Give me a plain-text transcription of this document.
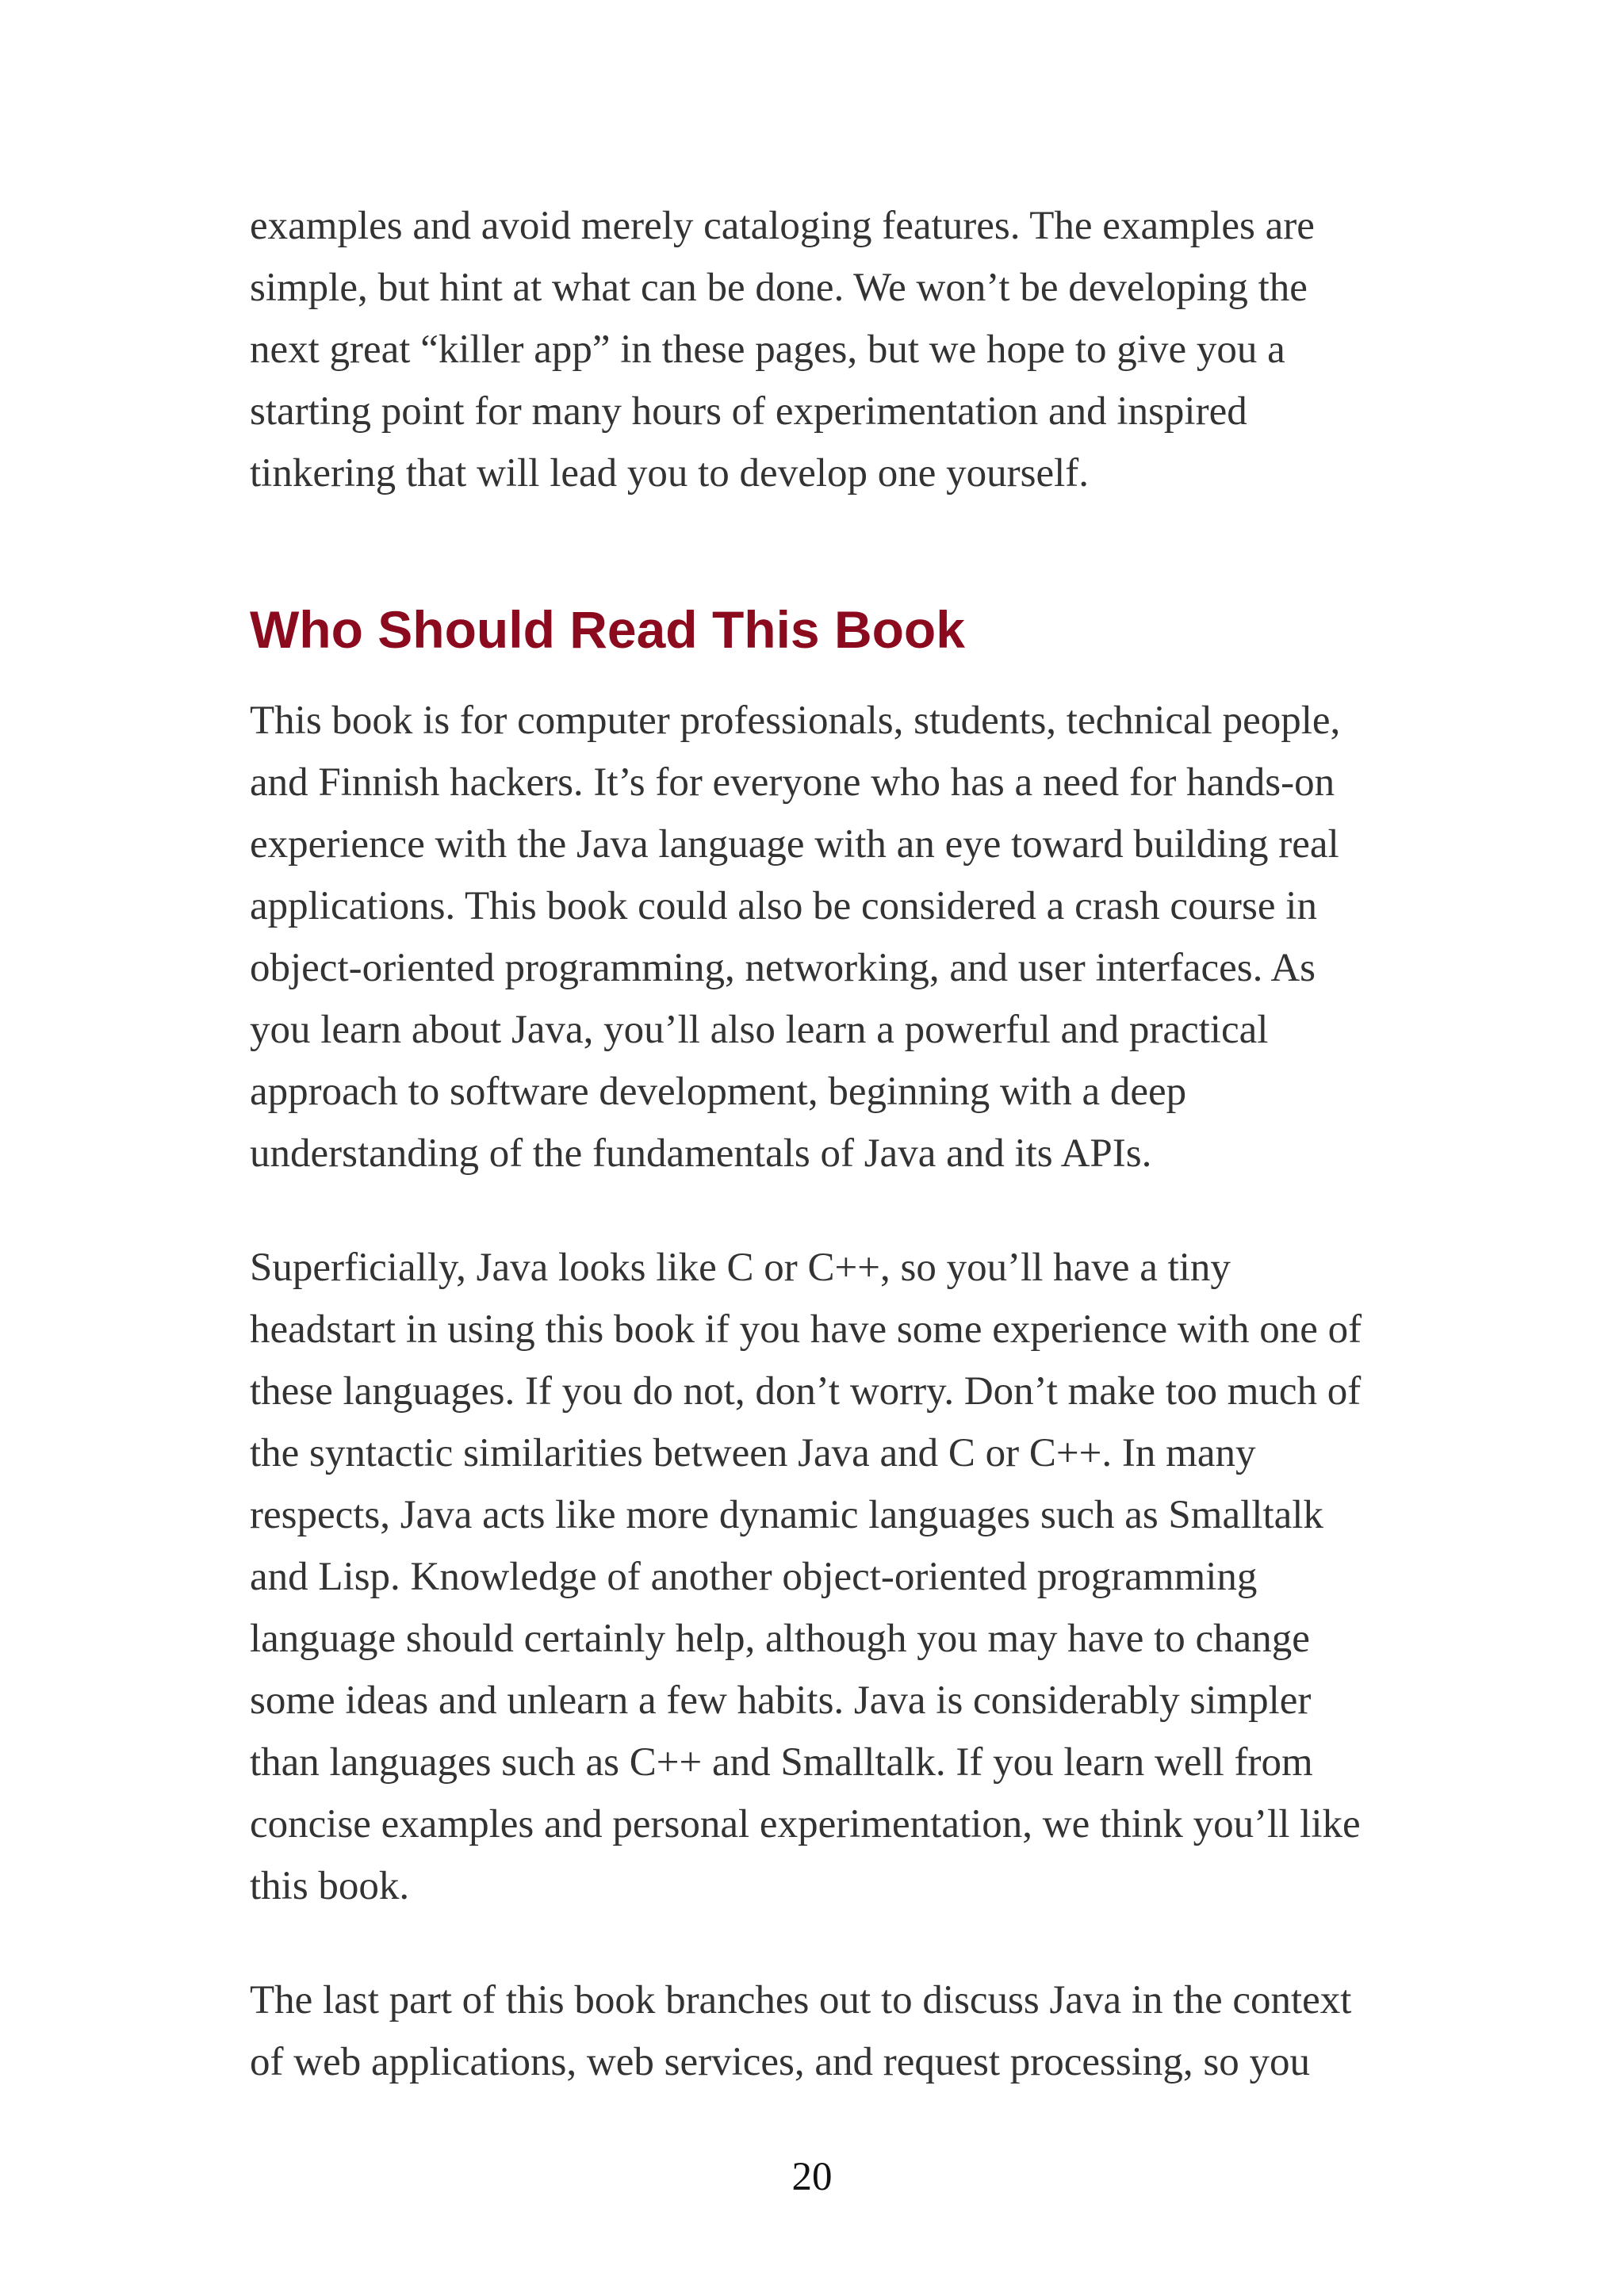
examples and avoid merely cataloging features. The examples are
simple, but hint at what can be done. We won’t be developing the
next great “killer app” in these pages, but we hope to give you a
starting point for many hours of experimentation and inspired
tinkering that will lead you to develop one yourself.

Who Should Read This Book

This book is for computer professionals, students, technical people,
and Finnish hackers. It’s for everyone who has a need for hands-on
experience with the Java language with an eye toward building real
applications. This book could also be considered a crash course in
object-oriented programming, networking, and user interfaces. As
you learn about Java, you’ll also learn a powerful and practical
approach to software development, beginning with a deep
understanding of the fundamentals of Java and its APIs.

Superficially, Java looks like C or C++, so you’ll have a tiny
headstart in using this book if you have some experience with one of
these languages. If you do not, don’t worry. Don’t make too much of
the syntactic similarities between Java and C or C++. In many
respects, Java acts like more dynamic languages such as Smalltalk
and Lisp. Knowledge of another object-oriented programming
language should certainly help, although you may have to change
some ideas and unlearn a few habits. Java is considerably simpler
than languages such as C++ and Smalltalk. If you learn well from
concise examples and personal experimentation, we think you’ll like
this book.

The last part of this book branches out to discuss Java in the context
of web applications, web services, and request processing, so you

20
